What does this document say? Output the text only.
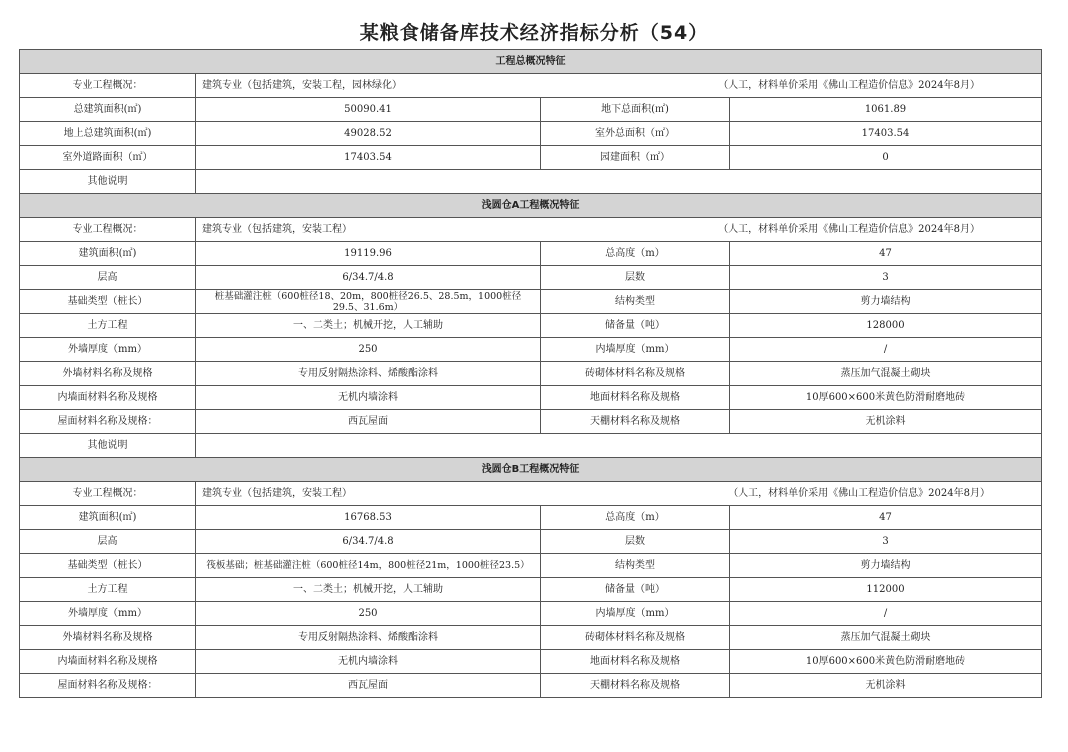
某粮食储备库技术经济指标分析（54）
工程总概况特征			
专业工程概况：	建筑专业（包括建筑，安装工程，园林绿化） （人工，材料单价采用《佛山工程造价信息》2024年8月）		

总建筑面积(㎡)	50090.41	地下总面积(㎡)	1061.89
地上总建筑面积(㎡)	49028.52	室外总面积（㎡）	17403.54
室外道路面积（㎡）	17403.54	园建面积（㎡）	0
其他说明			
浅圆仓A工程概况特征			
专业工程概况：	建筑专业（包括建筑，安装工程） （人工，材料单价采用《佛山工程造价信息》2024年8月）		

建筑面积(㎡)	19119.96	总高度（m）	47
层高	6/34.7/4.8	层数	3
基础类型（桩长）	桩基础灌注桩（600桩径18、20m，800桩径26.5、28.5m，1000桩径29.5、31.6m）	结构类型	剪力墙结构
土方工程	一、二类土；机械开挖，人工辅助	储备量（吨）	128000
外墙厚度（mm）	250	内墙厚度（mm）	/
外墙材料名称及规格	专用反射隔热涂料、烯酸酯涂料	砖砌体材料名称及规格	蒸压加气混凝土砌块
内墙面材料名称及规格	无机内墙涂料	地面材料名称及规格	10厚600×600米黄色防滑耐磨地砖
屋面材料名称及规格：	西瓦屋面	天棚材料名称及规格	无机涂料
其他说明			
浅圆仓B工程概况特征			
专业工程概况：	建筑专业（包括建筑，安装工程） （人工，材料单价采用《佛山工程造价信息》2024年8月）		

建筑面积(㎡)	16768.53	总高度（m）	47
层高	6/34.7/4.8	层数	3
基础类型（桩长）	筏板基础；桩基础灌注桩（600桩径14m，800桩径21m，1000桩径23.5）	结构类型	剪力墙结构
土方工程	一、二类土；机械开挖，人工辅助	储备量（吨）	112000
外墙厚度（mm）	250	内墙厚度（mm）	/
外墙材料名称及规格	专用反射隔热涂料、烯酸酯涂料	砖砌体材料名称及规格	蒸压加气混凝土砌块
内墙面材料名称及规格	无机内墙涂料	地面材料名称及规格	10厚600×600米黄色防滑耐磨地砖
屋面材料名称及规格：	西瓦屋面	天棚材料名称及规格	无机涂料
